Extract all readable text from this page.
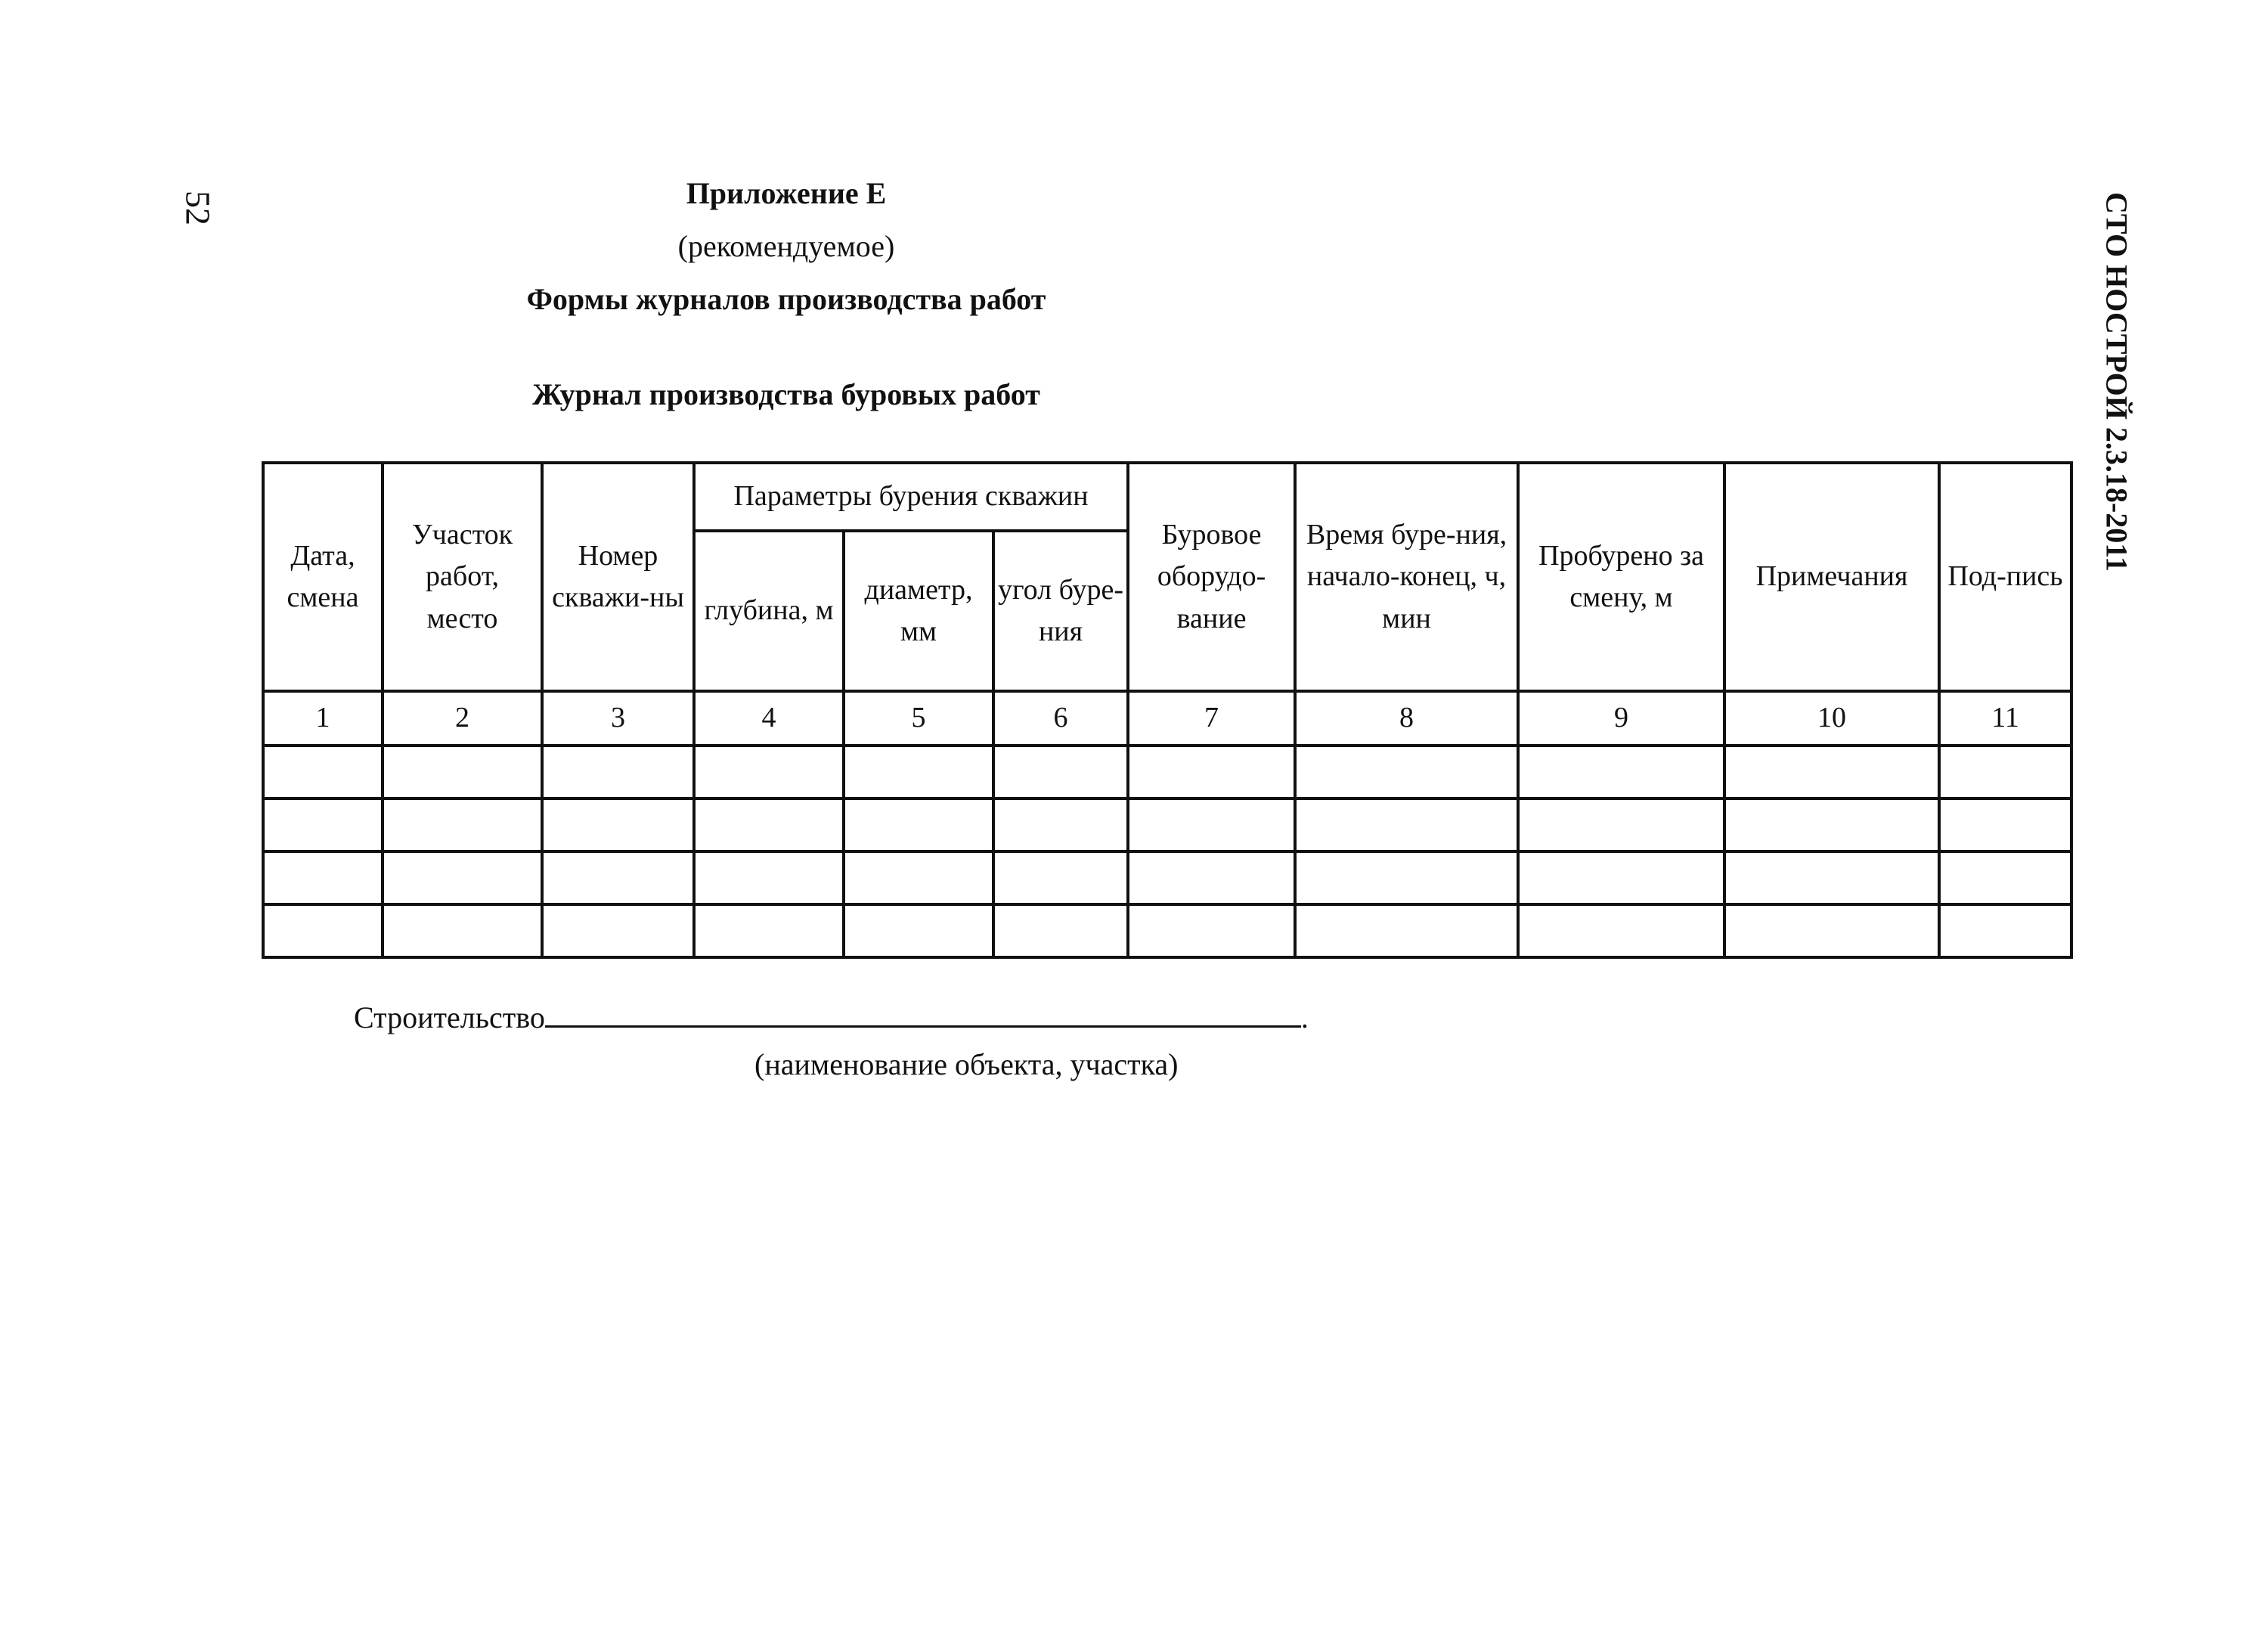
52	СТО НОСТРОЙ 2.3.18-2011
Приложение Е
(рекомендуемое)
Формы журналов производства работ
Журнал производства буровых работ
Дата, смена	Участок работ, место	Номер скважи-ны	Параметры бурения скважин			Буровое оборудо-вание	Время буре-ния, начало-конец, ч, мин	Пробурено за смену, м	Примечания	Под-пись
			глубина, м	диаметр, мм	угол буре-ния					
1	2	3	4	5	6	7	8	9	10	11

Строительство	.
(наименование объекта, участка)
